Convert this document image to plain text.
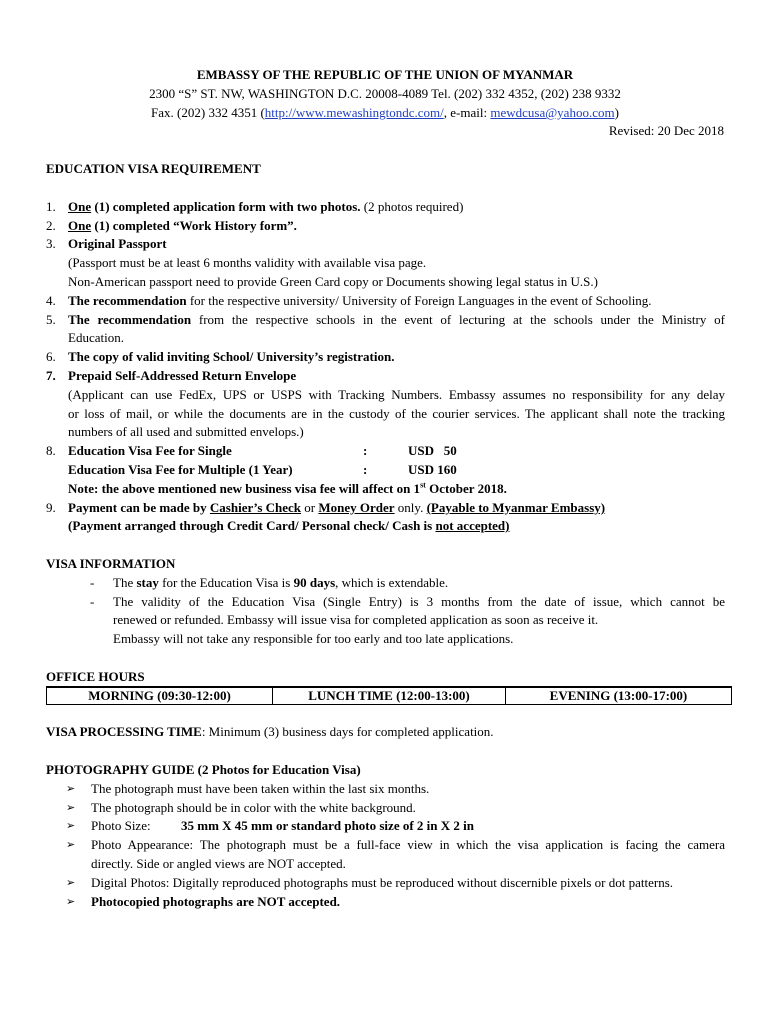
EMBASSY OF THE REPUBLIC OF THE UNION OF MYANMAR
2300 “S” ST. NW, WASHINGTON D.C. 20008-4089 Tel. (202) 332 4352, (202) 238 9332
Fax. (202) 332 4351 (http://www.mewashingtondc.com/, e-mail: mewdcusa@yahoo.com)
Revised: 20 Dec 2018
EDUCATION VISA REQUIREMENT
1. One (1) completed application form with two photos. (2 photos required)
2. One (1) completed “Work History form”.
3. Original Passport
(Passport must be at least 6 months validity with available visa page.
Non-American passport need to provide Green Card copy or Documents showing legal status in U.S.)
4. The recommendation for the respective university/ University of Foreign Languages in the event of Schooling.
5. The recommendation from the respective schools in the event of lecturing at the schools under the Ministry of
Education.
6. The copy of valid inviting School/ University’s registration.
7. Prepaid Self-Addressed Return Envelope
(Applicant can use FedEx, UPS or USPS with Tracking Numbers. Embassy assumes no responsibility for any delay
or loss of mail, or while the documents are in the custody of the courier services. The applicant shall note the tracking
numbers of all used and submitted envelops.)
8. Education Visa Fee for Single	:	USD   50
Education Visa Fee for Multiple (1 Year)	:	USD 160
Note: the above mentioned new business visa fee will affect on 1st October 2018.
9. Payment can be made by Cashier’s Check or Money Order only. (Payable to Myanmar Embassy)
(Payment arranged through Credit Card/ Personal check/ Cash is not accepted)
VISA INFORMATION
- The stay for the Education Visa is 90 days, which is extendable.
- The validity of the Education Visa (Single Entry) is 3 months from the date of issue, which cannot be
renewed or refunded. Embassy will issue visa for completed application as soon as receive it.
Embassy will not take any responsible for too early and too late applications.
OFFICE HOURS
MORNING (09:30-12:00)	LUNCH TIME (12:00-13:00)	EVENING (13:00-17:00)
VISA PROCESSING TIME: Minimum (3) business days for completed application.
PHOTOGRAPHY GUIDE (2 Photos for Education Visa)
➢ The photograph must have been taken within the last six months.
➢ The photograph should be in color with the white background.
➢ Photo Size: 35 mm X 45 mm or standard photo size of 2 in X 2 in
➢ Photo Appearance: The photograph must be a full-face view in which the visa application is facing the camera
directly. Side or angled views are NOT accepted.
➢ Digital Photos: Digitally reproduced photographs must be reproduced without discernible pixels or dot patterns.
➢ Photocopied photographs are NOT accepted.
